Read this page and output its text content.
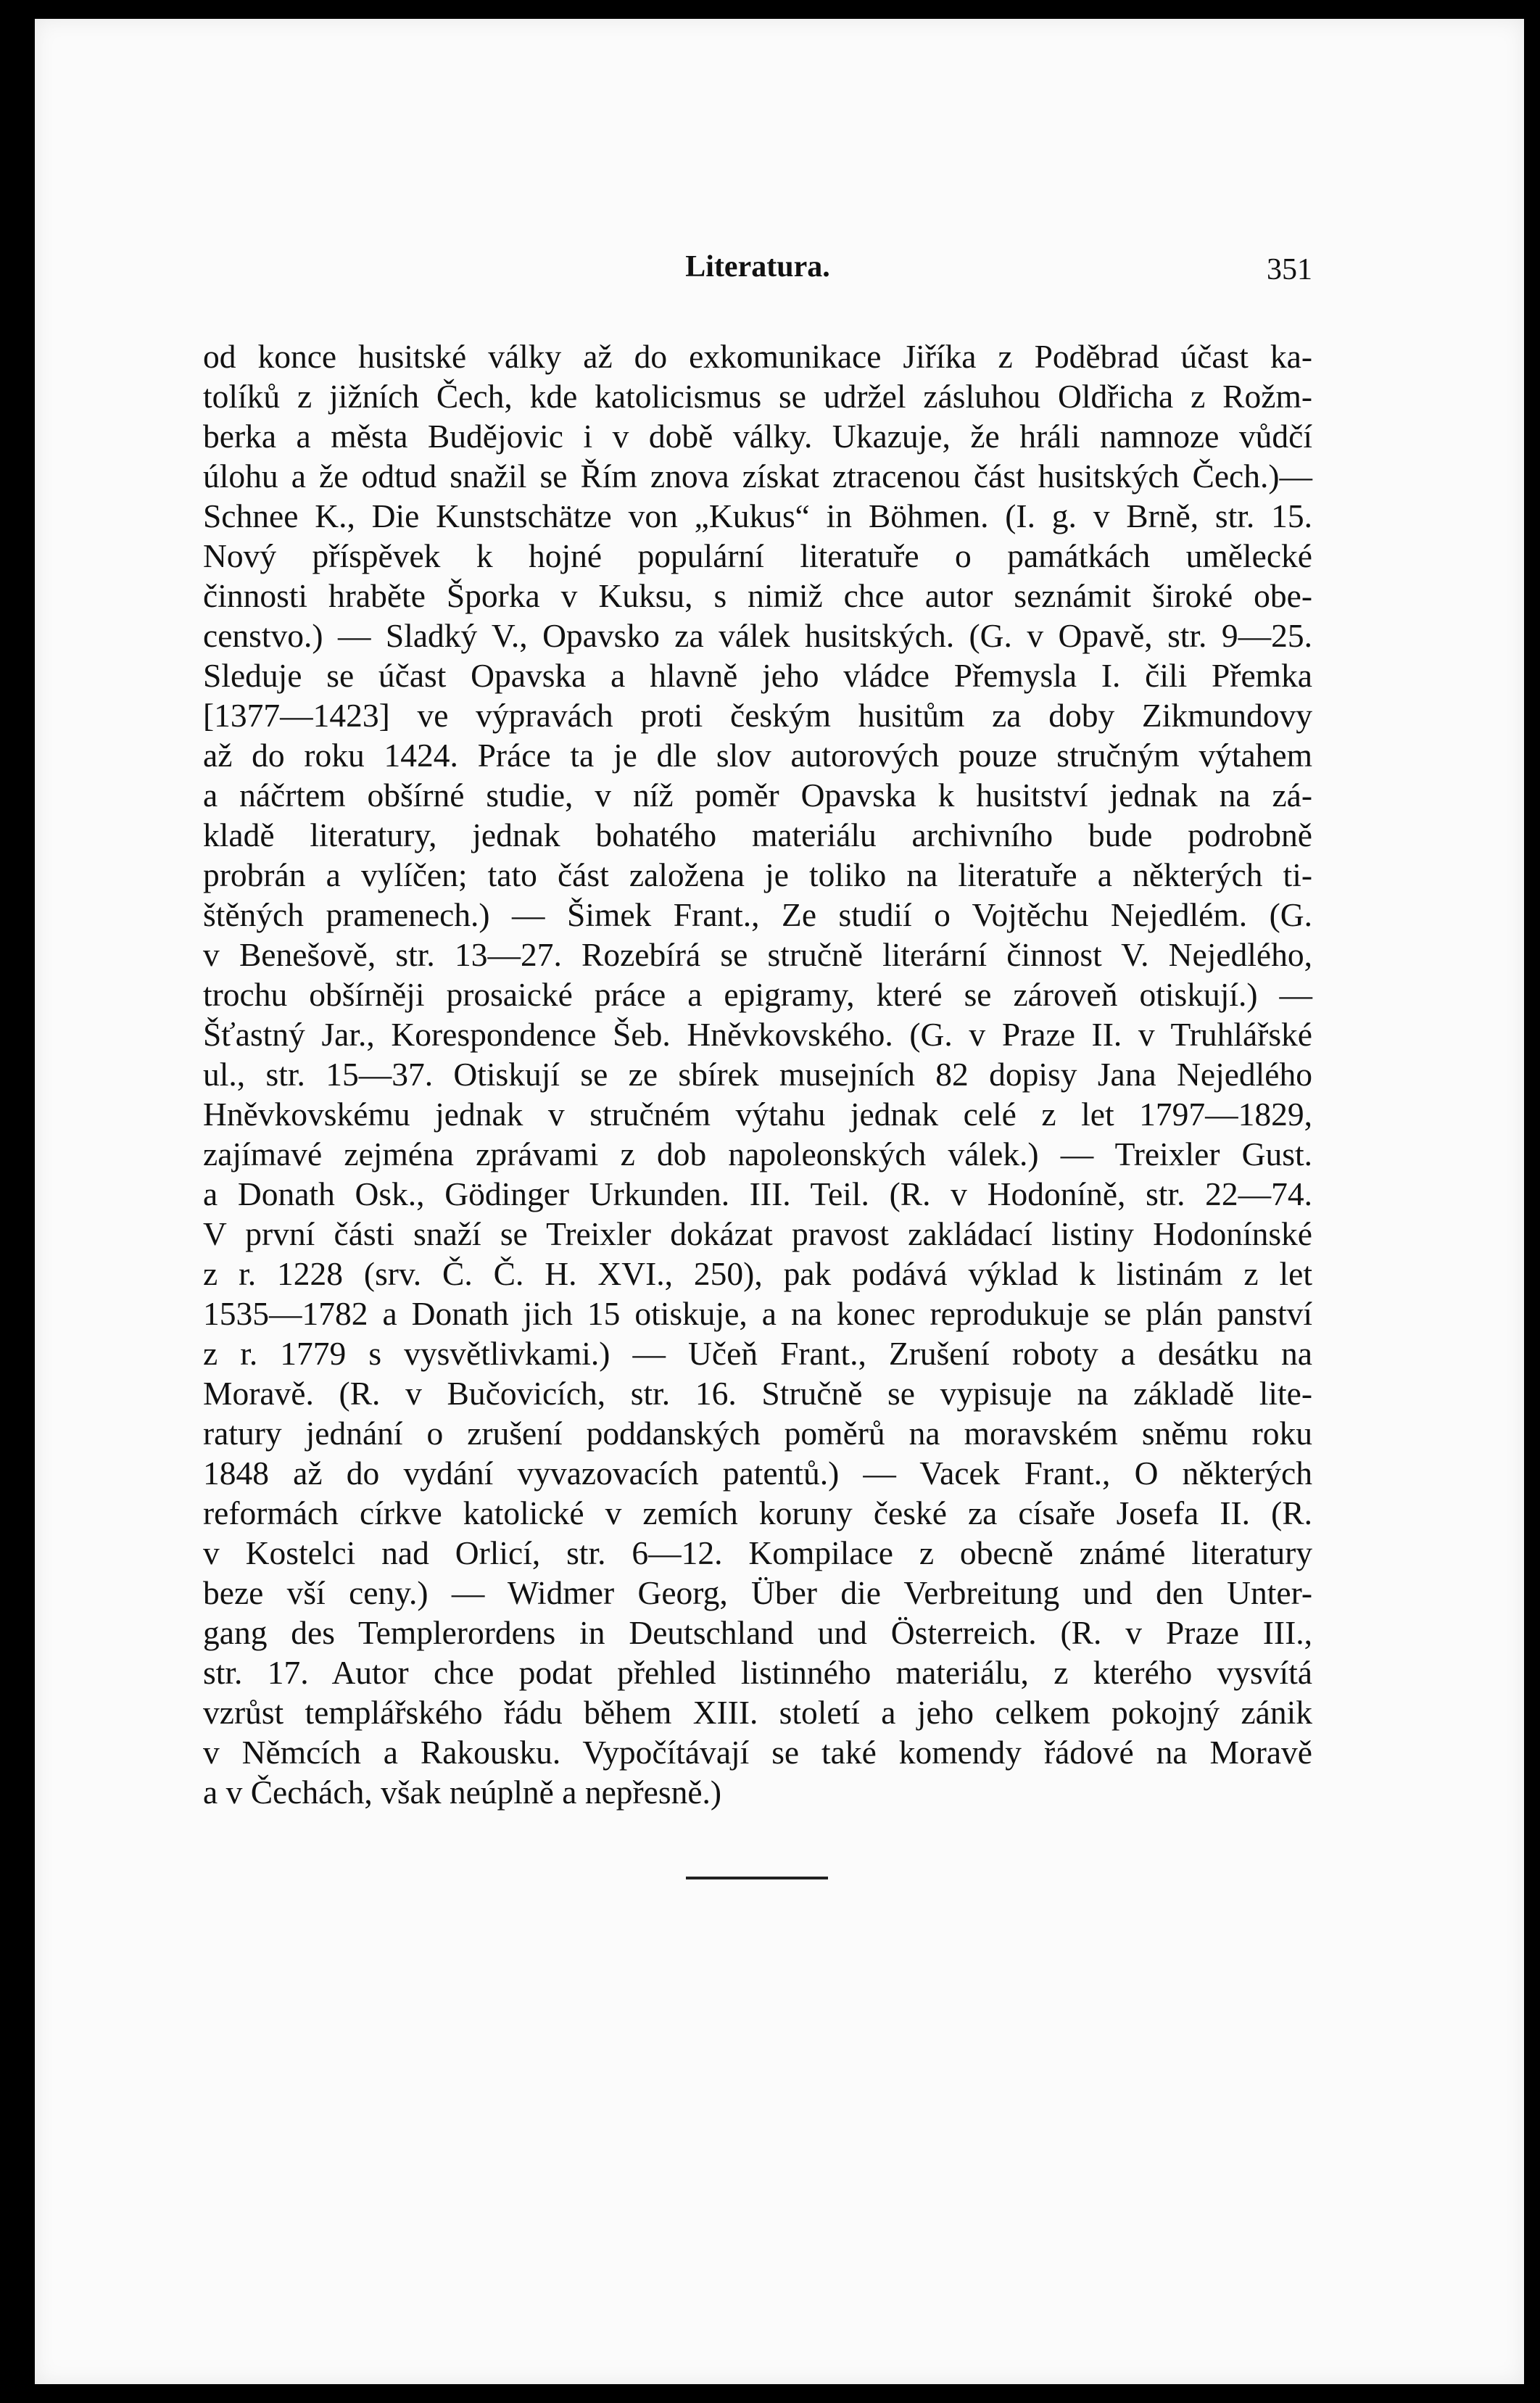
Literatura.	351
od konce husitské války až do exkomunikace Jiříka z Poděbrad účast ka-
tolíků z jižních Čech, kde katolicismus se udržel zásluhou Oldřicha z Rožm-
berka a města Budějovic i v době války. Ukazuje, že hráli namnoze vůdčí
úlohu a že odtud snažil se Řím znova získat ztracenou část husitských Čech.)—
Schnee K., Die Kunstschätze von „Kukus“ in Böhmen. (I. g. v Brně, str. 15.
Nový příspěvek k hojné populární literatuře o památkách umělecké
činnosti hraběte Šporka v Kuksu, s nimiž chce autor seznámit široké obe-
censtvo.) — Sladký V., Opavsko za válek husitských. (G. v Opavě, str. 9—25.
Sleduje se účast Opavska a hlavně jeho vládce Přemysla I. čili Přemka
[1377—1423] ve výpravách proti českým husitům za doby Zikmundovy
až do roku 1424. Práce ta je dle slov autorových pouze stručným výtahem
a náčrtem obšírné studie, v níž poměr Opavska k husitství jednak na zá-
kladě literatury, jednak bohatého materiálu archivního bude podrobně
probrán a vylíčen; tato část založena je toliko na literatuře a některých ti-
štěných pramenech.) — Šimek Frant., Ze studií o Vojtěchu Nejedlém. (G.
v Benešově, str. 13—27. Rozebírá se stručně literární činnost V. Nejedlého,
trochu obšírněji prosaické práce a epigramy, které se zároveň otiskují.) —
Šťastný Jar., Korespondence Šeb. Hněvkovského. (G. v Praze II. v Truhlářské
ul., str. 15—37. Otiskují se ze sbírek musejních 82 dopisy Jana Nejedlého
Hněvkovskému jednak v stručném výtahu jednak celé z let 1797—1829,
zajímavé zejména zprávami z dob napoleonských válek.) — Treixler Gust.
a Donath Osk., Gödinger Urkunden. III. Teil. (R. v Hodoníně, str. 22—74.
V první části snaží se Treixler dokázat pravost zakládací listiny Hodonínské
z r. 1228 (srv. Č. Č. H. XVI., 250), pak podává výklad k listinám z let
1535—1782 a Donath jich 15 otiskuje, a na konec reprodukuje se plán panství
z r. 1779 s vysvětlivkami.) — Učeň Frant., Zrušení roboty a desátku na
Moravě. (R. v Bučovicích, str. 16. Stručně se vypisuje na základě lite-
ratury jednání o zrušení poddanských poměrů na moravském sněmu roku
1848 až do vydání vyvazovacích patentů.) — Vacek Frant., O některých
reformách církve katolické v zemích koruny české za císaře Josefa II. (R.
v Kostelci nad Orlicí, str. 6—12. Kompilace z obecně známé literatury
beze vší ceny.) — Widmer Georg, Über die Verbreitung und den Unter-
gang des Templerordens in Deutschland und Österreich. (R. v Praze III.,
str. 17. Autor chce podat přehled listinného materiálu, z kterého vysvítá
vzrůst templářského řádu během XIII. století a jeho celkem pokojný zánik
v Němcích a Rakousku. Vypočítávají se také komendy řádové na Moravě
a v Čechách, však neúplně a nepřesně.)
